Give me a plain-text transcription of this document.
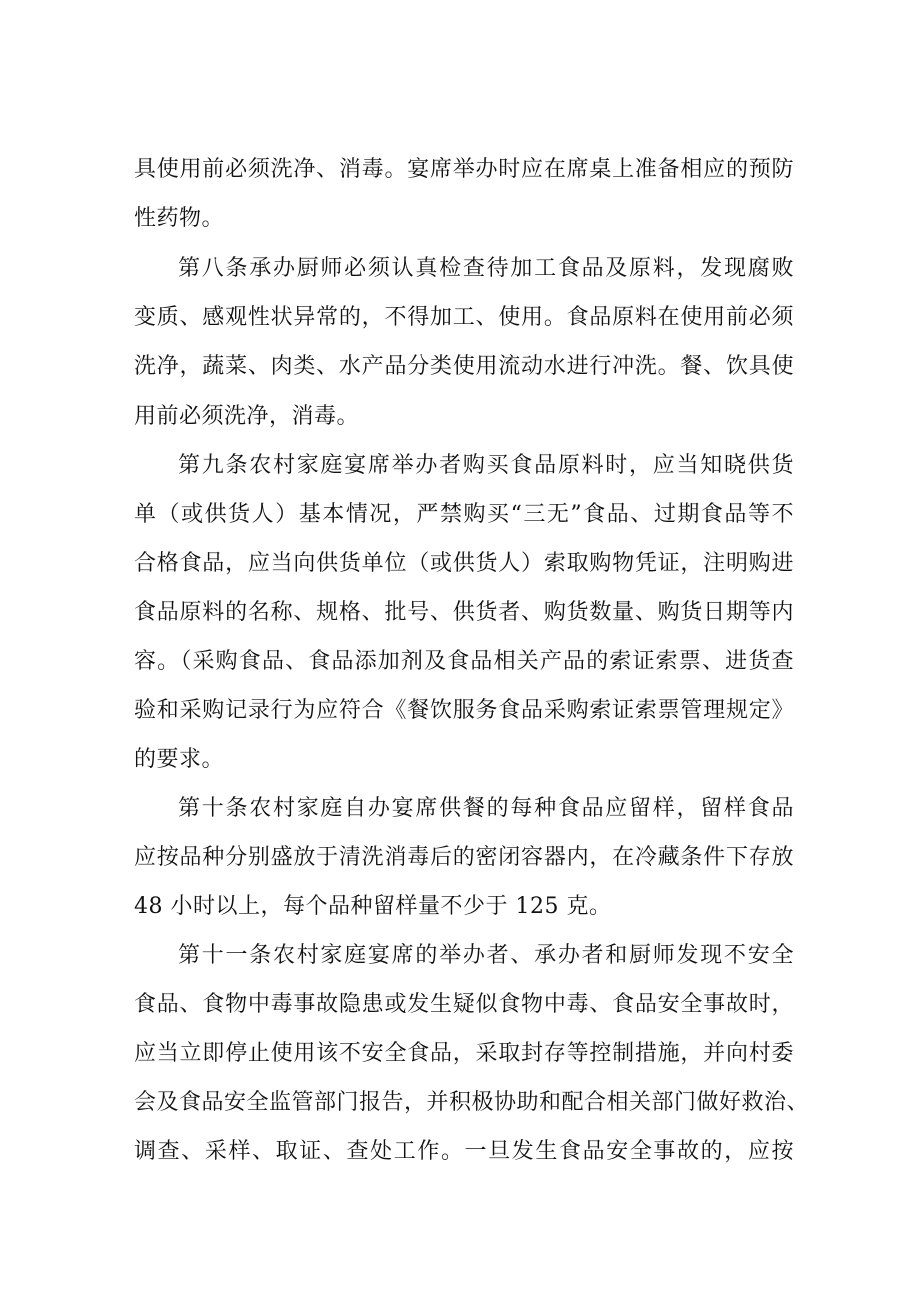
具使用前必须洗净、消毒。宴席举办时应在席桌上准备相应的预防
性药物。
第八条承办厨师必须认真检查待加工食品及原料，发现腐败
变质、感观性状异常的，不得加工、使用。食品原料在使用前必须
洗净，蔬菜、肉类、水产品分类使用流动水进行冲洗。餐、饮具使
用前必须洗净，消毒。
第九条农村家庭宴席举办者购买食品原料时，应当知晓供货
单（或供货人）基本情况，严禁购买“三无”食品、过期食品等不
合格食品，应当向供货单位（或供货人）索取购物凭证，注明购进
食品原料的名称、规格、批号、供货者、购货数量、购货日期等内
容。（采购食品、食品添加剂及食品相关产品的索证索票、进货查
验和采购记录行为应符合《餐饮服务食品采购索证索票管理规定》
的要求。
第十条农村家庭自办宴席供餐的每种食品应留样，留样食品
应按品种分别盛放于清洗消毒后的密闭容器内，在冷藏条件下存放
48 小时以上，每个品种留样量不少于 125 克。
第十一条农村家庭宴席的举办者、承办者和厨师发现不安全
食品、食物中毒事故隐患或发生疑似食物中毒、食品安全事故时，
应当立即停止使用该不安全食品，采取封存等控制措施，并向村委
会及食品安全监管部门报告，并积极协助和配合相关部门做好救治、
调查、采样、取证、查处工作。一旦发生食品安全事故的，应按
